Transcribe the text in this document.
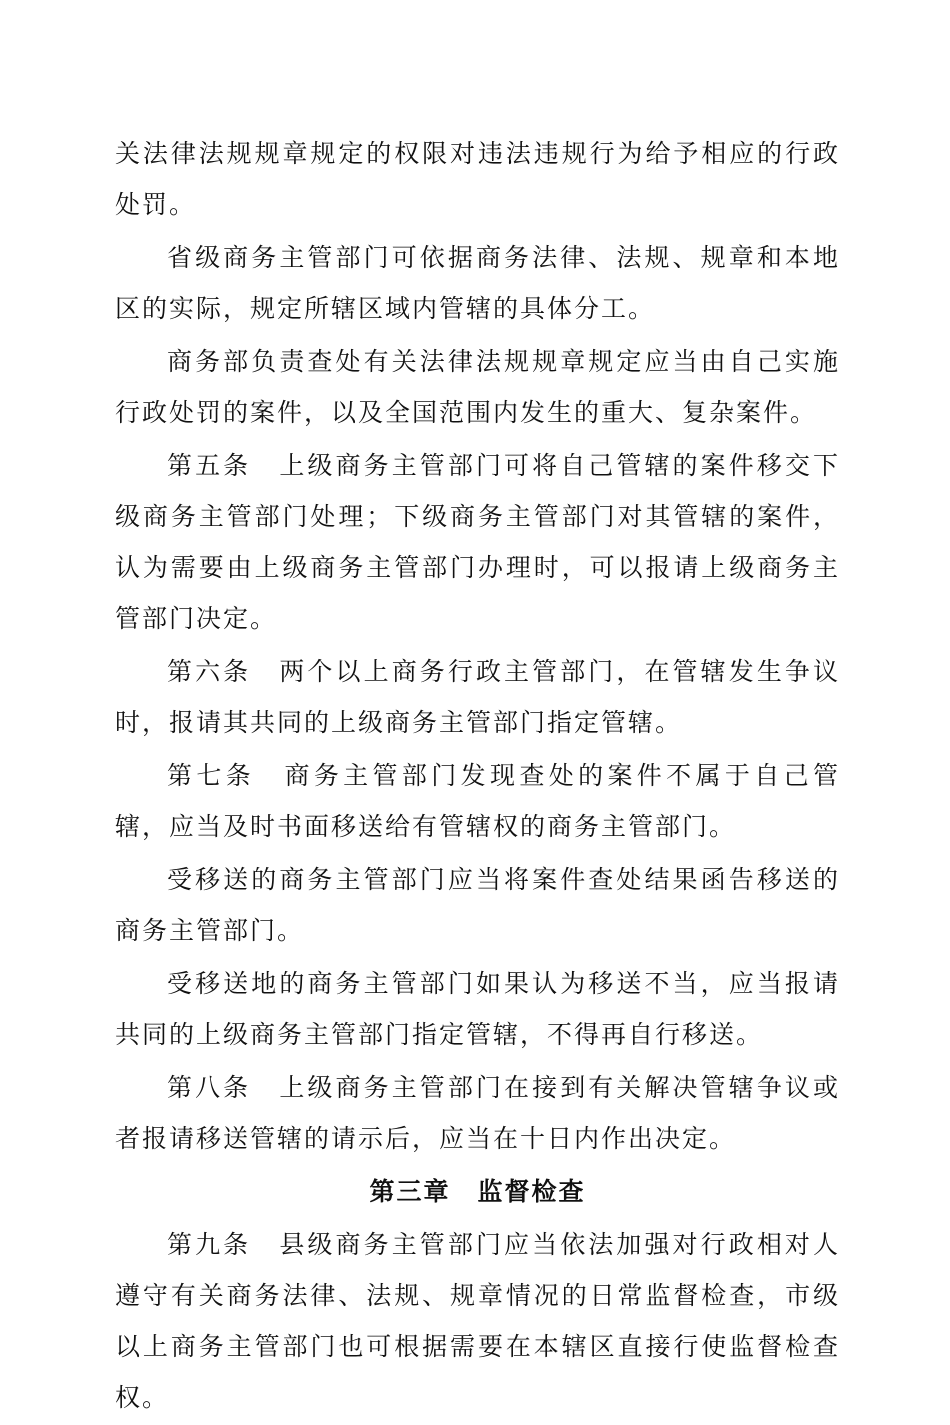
关法律法规规章规定的权限对违法违规行为给予相应的行政处罚。

省级商务主管部门可依据商务法律、法规、规章和本地区的实际，规定所辖区域内管辖的具体分工。

商务部负责查处有关法律法规规章规定应当由自己实施行政处罚的案件，以及全国范围内发生的重大、复杂案件。

第五条　上级商务主管部门可将自己管辖的案件移交下级商务主管部门处理；下级商务主管部门对其管辖的案件，认为需要由上级商务主管部门办理时，可以报请上级商务主管部门决定。

第六条　两个以上商务行政主管部门，在管辖发生争议时，报请其共同的上级商务主管部门指定管辖。

第七条　商务主管部门发现查处的案件不属于自己管辖，应当及时书面移送给有管辖权的商务主管部门。

受移送的商务主管部门应当将案件查处结果函告移送的商务主管部门。

受移送地的商务主管部门如果认为移送不当，应当报请共同的上级商务主管部门指定管辖，不得再自行移送。

第八条　上级商务主管部门在接到有关解决管辖争议或者报请移送管辖的请示后，应当在十日内作出决定。

第三章　监督检查

第九条　县级商务主管部门应当依法加强对行政相对人遵守有关商务法律、法规、规章情况的日常监督检查，市级以上商务主管部门也可根据需要在本辖区直接行使监督检查权。
